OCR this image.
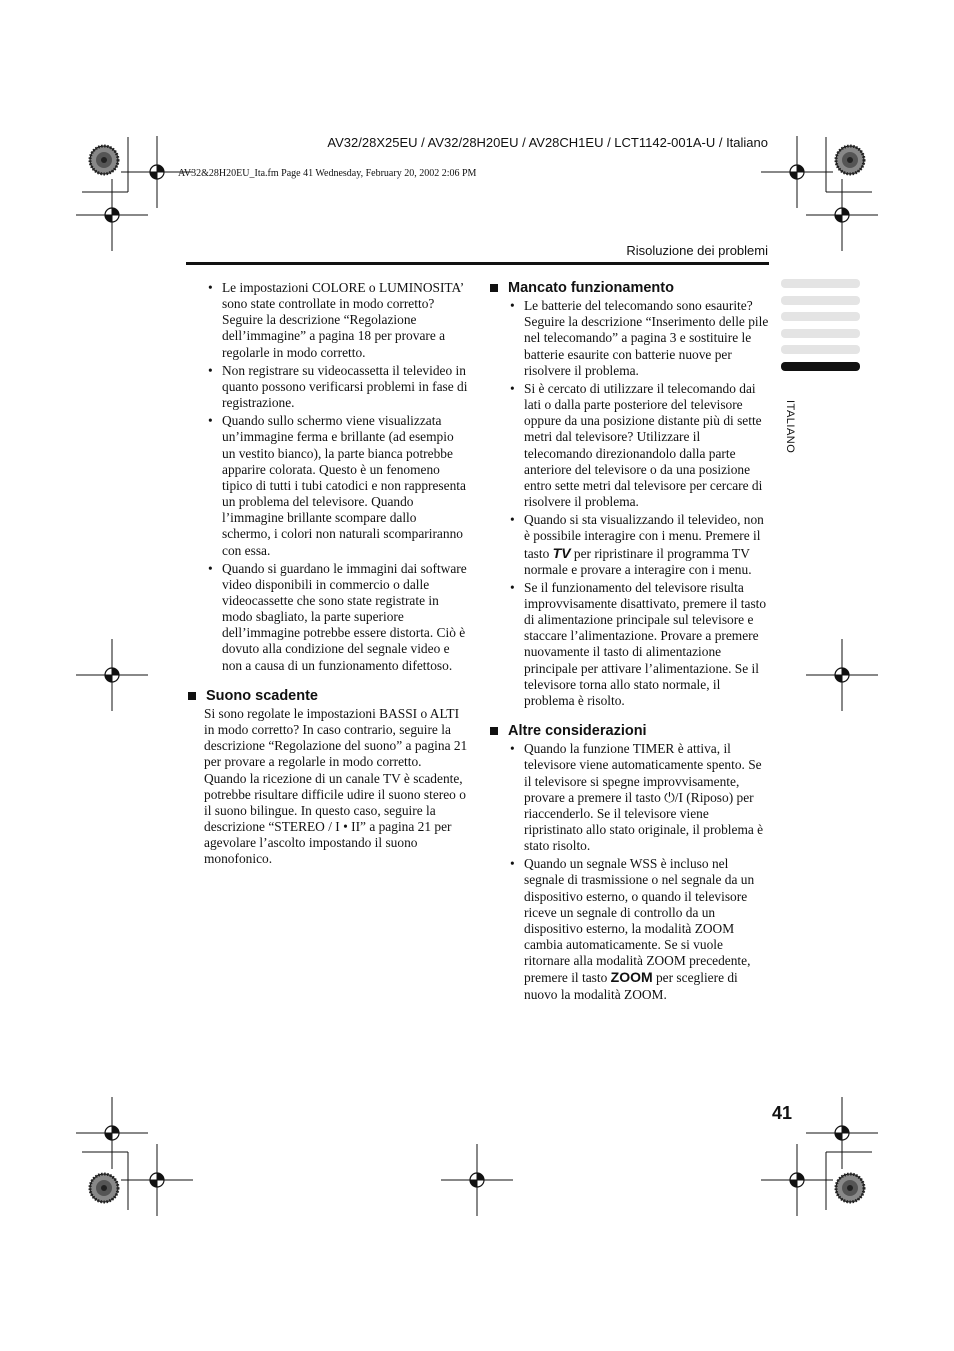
AV32/28X25EU / AV32/28H20EU / AV28CH1EU / LCT1142-001A-U / Italiano
AV32&28H20EU_Ita.fm Page 41 Wednesday, February 20, 2002 2:06 PM
Risoluzione dei problemi
• Le impostazioni COLORE o LUMINOSITA’ sono state controllate in modo corretto? Seguire la descrizione “Regolazione dell’immagine” a pagina 18 per provare a regolarle in modo corretto.
• Non registrare su videocassetta il televideo in quanto possono verificarsi problemi in fase di registrazione.
• Quando sullo schermo viene visualizzata un’immagine ferma e brillante (ad esempio un vestito bianco), la parte bianca potrebbe apparire colorata. Questo è un fenomeno tipico di tutti i tubi catodici e non rappresenta un problema del televisore. Quando l’immagine brillante scompare dallo schermo, i colori non naturali scompariranno con essa.
• Quando si guardano le immagini dai software video disponibili in commercio o dalle videocassette che sono state registrate in modo sbagliato, la parte superiore dell’immagine potrebbe essere distorta. Ciò è dovuto alla condizione del segnale video e non a causa di un funzionamento difettoso.
Suono scadente
Si sono regolate le impostazioni BASSI o ALTI in modo corretto? In caso contrario, seguire la descrizione “Regolazione del suono” a pagina 21 per provare a regolarle in modo corretto.
Quando la ricezione di un canale TV è scadente, potrebbe risultare difficile udire il suono stereo o il suono bilingue. In questo caso, seguire la descrizione “STEREO / I • II” a pagina 21 per agevolare l’ascolto impostando il suono monofonico.
Mancato funzionamento
• Le batterie del telecomando sono esaurite? Seguire la descrizione “Inserimento delle pile nel telecomando” a pagina 3 e sostituire le batterie esaurite con batterie nuove per risolvere il problema.
• Si è cercato di utilizzare il telecomando dai lati o dalla parte posteriore del televisore oppure da una posizione distante più di sette metri dal televisore? Utilizzare il telecomando direzionandolo dalla parte anteriore del televisore o da una posizione entro sette metri dal televisore per cercare di risolvere il problema.
• Quando si sta visualizzando il televideo, non è possibile interagire con i menu. Premere il tasto TV per ripristinare il programma TV normale e provare a interagire con i menu.
• Se il funzionamento del televisore risulta improvvisamente disattivato, premere il tasto di alimentazione principale sul televisore e staccare l’alimentazione. Provare a premere nuovamente il tasto di alimentazione principale per attivare l’alimentazione. Se il televisore torna allo stato normale, il problema è risolto.
Altre considerazioni
• Quando la funzione TIMER è attiva, il televisore viene automaticamente spento. Se il televisore si spegne improvvisamente, provare a premere il tasto ⏻/I (Riposo) per riaccenderlo. Se il televisore viene ripristinato allo stato originale, il problema è stato risolto.
• Quando un segnale WSS è incluso nel segnale di trasmissione o nel segnale da un dispositivo esterno, o quando il televisore riceve un segnale di controllo da un dispositivo esterno, la modalità ZOOM cambia automaticamente. Se si vuole ritornare alla modalità ZOOM precedente, premere il tasto ZOOM per scegliere di nuovo la modalità ZOOM.
ITALIANO
41
